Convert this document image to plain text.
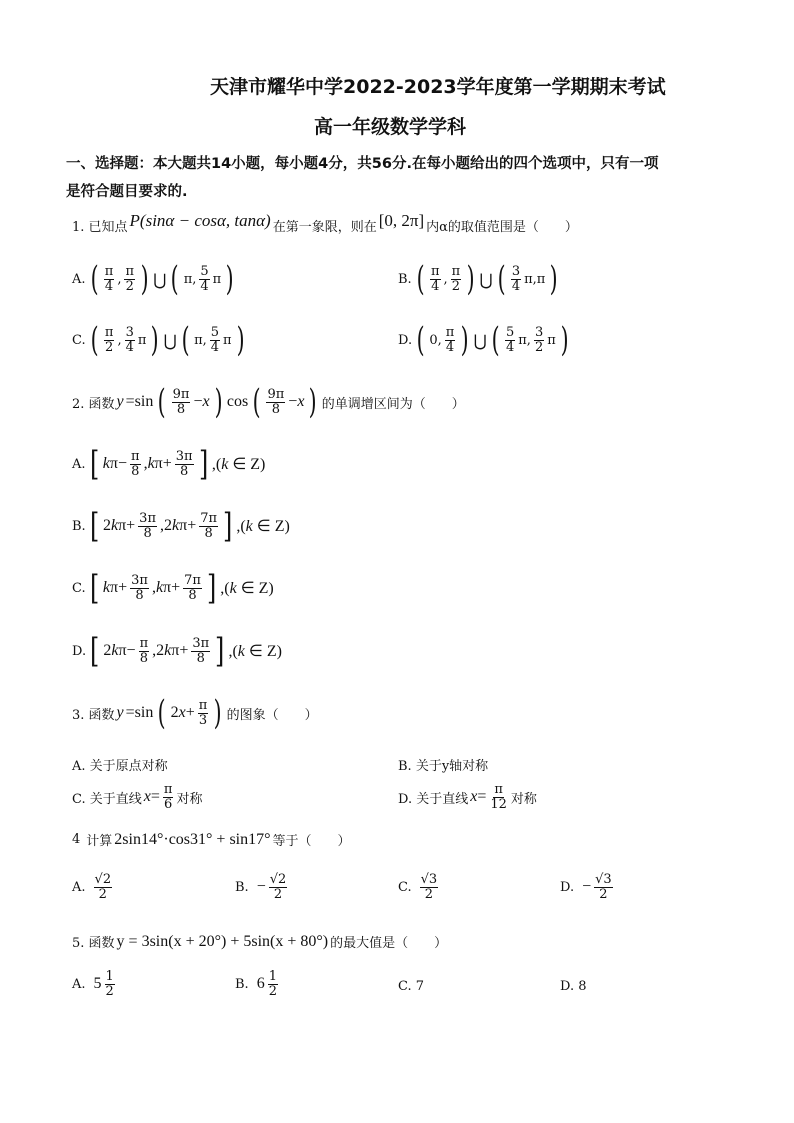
天津市耀华中学2022-2023学年度第一学期期末考试
高一年级数学学科
一、选择题：本大题共14小题，每小题4分，共56分.在每小题给出的四个选项中，只有一项
是符合题目要求的.
1. 已知点 P(sinα − cosα, tanα) 在第一象限，则在 [0, 2π] 内α的取值范围是（　　）
A. ( $\frac{\pi}{4}$ , $\frac{\pi}{2}$ ) ⋃ ( π, $\frac{5}{4}$ π )	B. ( $\frac{\pi}{4}$ , $\frac{\pi}{2}$ ) ⋃ ( $\frac{3}{4} \pi,\pi$ )
C. ( $\frac{\pi}{2}$ , $\frac{3}{4}$ π ) ⋃ ( π, $\frac{5}{4}$ π )	D. ( 0, $\frac{\pi}{4}$ ) ⋃ ( $\frac{5}{4} \pi$, $\frac{3}{2}$ π )
2. 函数 y =sin ( $\frac{9\pi}{8} -x$ ) cos ( $\frac{9\pi}{8} -x$ ) 的单调增区间为（　　）
A. [ $k\pi- \frac{\pi}{8} ,k\pi+ \frac{3\pi}{8}$ ] ,(k ∈ Z)
B. [ $2k\pi+ \frac{3\pi}{8} ,2k\pi+ \frac{7\pi}{8}$ ] ,(k ∈ Z)
C. [ $k\pi+ \frac{3\pi}{8} ,k\pi+ \frac{7\pi}{8}$ ] ,(k ∈ Z)
D. [ $2k\pi- \frac{\pi}{8} ,2k\pi+ \frac{3\pi}{8}$ ] ,(k ∈ Z)
3. 函数 y =sin ( $2x+ \frac{\pi}{3}$ ) 的图象（　　）
A. 关于原点对称	B. 关于y轴对称
C. 关于直线 $x= \frac{\pi}{6}$ 对称	D. 关于直线 $x= \frac{\pi}{12}$ 对称
4 计算 2sin14°·cos31° + sin17° 等于（　　）
A. $\frac{√2}{2}$	B. − $\frac{√2}{2}$	C. $\frac{√3}{2}$	D. − $\frac{√3}{2}$
5. 函数 y = 3sin(x + 20°) + 5sin(x + 80°) 的最大值是（　　）
A. $5 \frac{1}{2}$	B. $6 \frac{1}{2}$	C. 7	D. 8
